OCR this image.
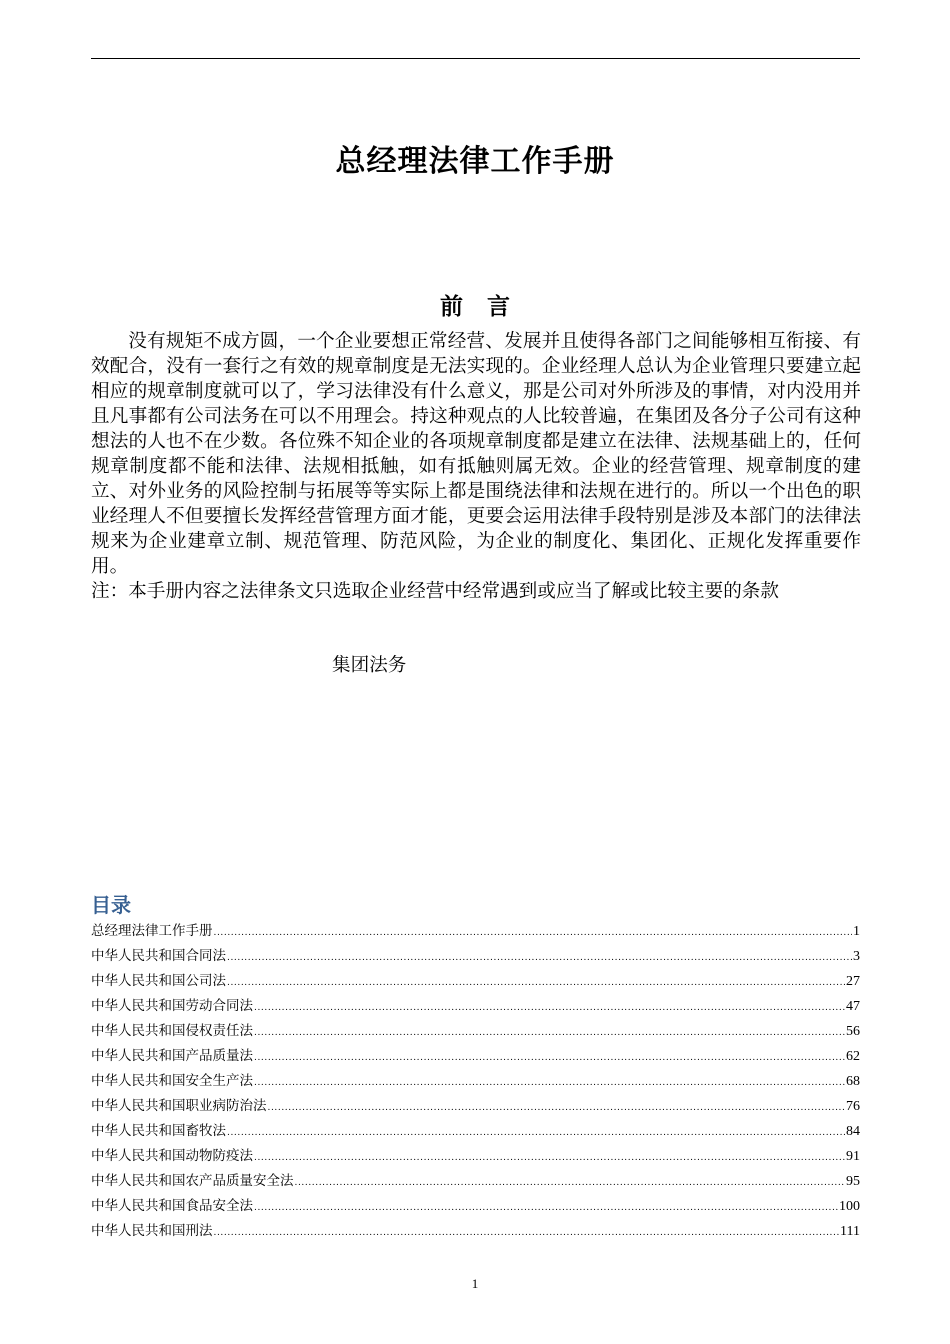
总经理法律工作手册
前言

没有规矩不成方圆，一个企业要想正常经营、发展并且使得各部门之间能够相互衔接、有效配合，没有一套行之有效的规章制度是无法实现的。企业经理人总认为企业管理只要建立起相应的规章制度就可以了，学习法律没有什么意义，那是公司对外所涉及的事情，对内没用并且凡事都有公司法务在可以不用理会。持这种观点的人比较普遍，在集团及各分子公司有这种想法的人也不在少数。各位殊不知企业的各项规章制度都是建立在法律、法规基础上的，任何规章制度都不能和法律、法规相抵触，如有抵触则属无效。企业的经营管理、规章制度的建立、对外业务的风险控制与拓展等等实际上都是围绕法律和法规在进行的。所以一个出色的职业经理人不但要擅长发挥经营管理方面才能，更要会运用法律手段特别是涉及本部门的法律法规来为企业建章立制、规范管理、防范风险，为企业的制度化、集团化、正规化发挥重要作用。

注：本手册内容之法律条文只选取企业经营中经常遇到或应当了解或比较主要的条款

集团法务
目录
总经理法律工作手册 .....	1
中华人民共和国合同法 .....	3
中华人民共和国公司法 .....	27
中华人民共和国劳动合同法 .....	47
中华人民共和国侵权责任法 .....	56
中华人民共和国产品质量法 .....	62
中华人民共和国安全生产法 .....	68
中华人民共和国职业病防治法 .....	76
中华人民共和国畜牧法 .....	84
中华人民共和国动物防疫法 .....	91
中华人民共和国农产品质量安全法 .....	95
中华人民共和国食品安全法 .....	100
中华人民共和国刑法 .....	111
1
